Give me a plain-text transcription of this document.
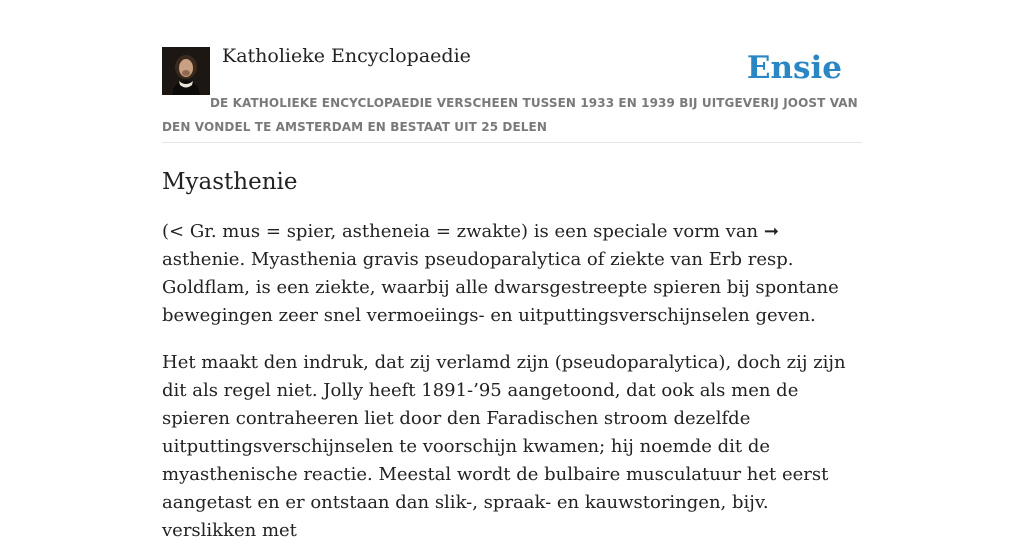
Katholieke Encyclopaedie	Ensie
DE KATHOLIEKE ENCYCLOPAEDIE VERSCHEEN TUSSEN 1933 EN 1939 BIJ UITGEVERIJ JOOST VAN DEN VONDEL TE AMSTERDAM EN BESTAAT UIT 25 DELEN
Myasthenie

(< Gr. mus = spier, astheneia = zwakte) is een speciale vorm van ➞ asthenie. Myasthenia gravis pseudoparalytica of ziekte van Erb resp. Goldflam, is een ziekte, waarbij alle dwarsgestreepte spieren bij spontane bewegingen zeer snel vermoeiings- en uitputtingsverschijnselen geven.

Het maakt den indruk, dat zij verlamd zijn (pseudoparalytica), doch zij zijn dit als regel niet. Jolly heeft 1891-’95 aangetoond, dat ook als men de spieren contraheeren liet door den Faradischen stroom dezelfde uitputtingsverschijnselen te voorschijn kwamen; hij noemde dit de myasthenische reactie. Meestal wordt de bulbaire musculatuur het eerst aangetast en er ontstaan dan slik-, spraak- en kauwstoringen, bijv. verslikken met
